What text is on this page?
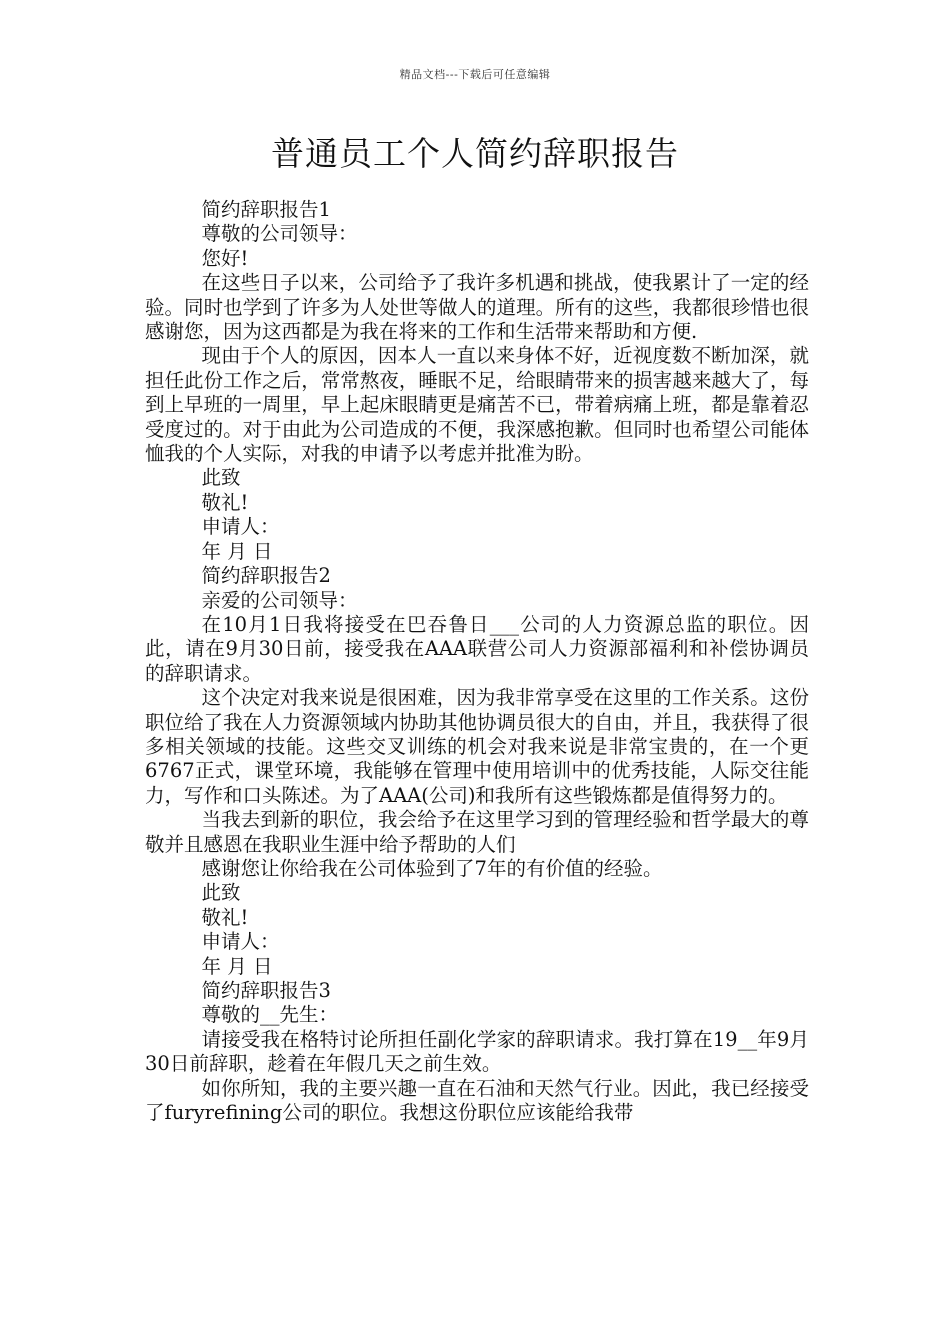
精品文档---下载后可任意编辑
普通员工个人简约辞职报告

简约辞职报告1

尊敬的公司领导：

您好!

在这些日子以来，公司给予了我许多机遇和挑战，使我累计了一定的经验。同时也学到了许多为人处世等做人的道理。所有的这些，我都很珍惜也很感谢您，因为这西都是为我在将来的工作和生活带来帮助和方便.

现由于个人的原因，因本人一直以来身体不好，近视度数不断加深，就担任此份工作之后，常常熬夜，睡眠不足，给眼睛带来的损害越来越大了，每到上早班的一周里，早上起床眼睛更是痛苦不已，带着病痛上班，都是靠着忍受度过的。对于由此为公司造成的不便，我深感抱歉。但同时也希望公司能体恤我的个人实际，对我的申请予以考虑并批准为盼。

此致

敬礼!

申请人：

年 月 日

简约辞职报告2

亲爱的公司领导：

在10月1日我将接受在巴吞鲁日___公司的人力资源总监的职位。因此，请在9月30日前，接受我在AAA联营公司人力资源部福利和补偿协调员的辞职请求。

这个决定对我来说是很困难，因为我非常享受在这里的工作关系。这份职位给了我在人力资源领域内协助其他协调员很大的自由，并且，我获得了很多相关领域的技能。这些交叉训练的机会对我来说是非常宝贵的，在一个更6767正式，课堂环境，我能够在管理中使用培训中的优秀技能，人际交往能力，写作和口头陈述。为了AAA(公司)和我所有这些锻炼都是值得努力的。

当我去到新的职位，我会给予在这里学习到的管理经验和哲学最大的尊敬并且感恩在我职业生涯中给予帮助的人们

感谢您让你给我在公司体验到了7年的有价值的经验。

此致

敬礼!

申请人：

年 月 日

简约辞职报告3

尊敬的__先生：

请接受我在格特讨论所担任副化学家的辞职请求。我打算在19__年9月30日前辞职，趁着在年假几天之前生效。

如你所知，我的主要兴趣一直在石油和天然气行业。因此，我已经接受了furyrefining公司的职位。我想这份职位应该能给我带
